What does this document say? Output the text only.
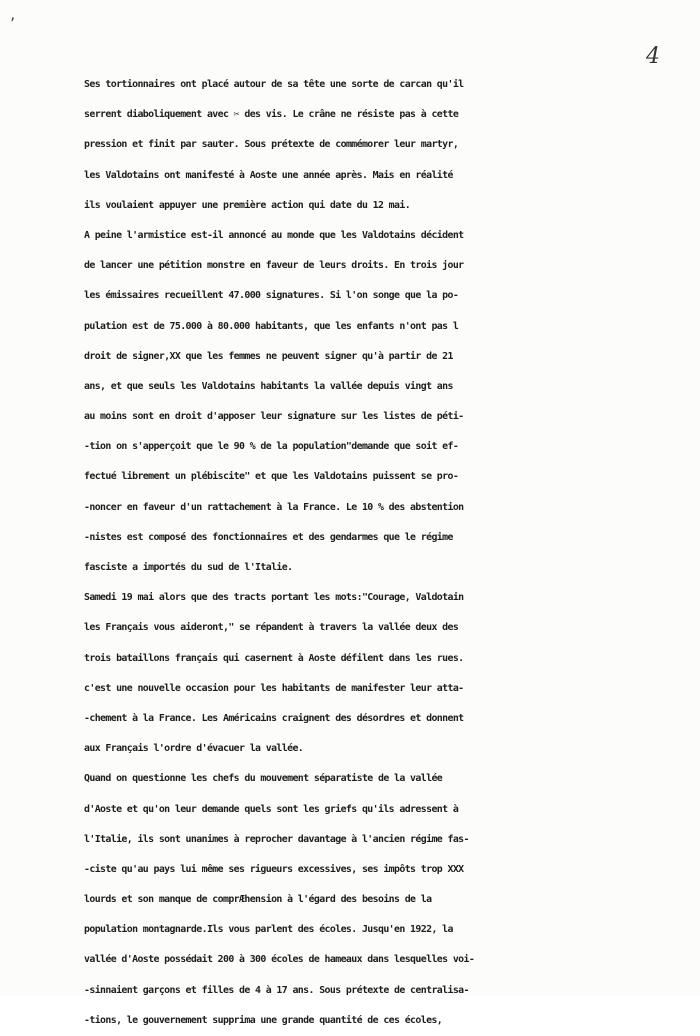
’
4
Ses tortionnaires ont placé autour de sa tête une sorte de carcan qu'il
serrent diaboliquement avec ✂ des vis. Le crâne ne résiste pas à cette
pression et finit par sauter. Sous prétexte de commémorer leur martyr,
les Valdotains ont manifesté à Aoste une année après. Mais en réalité
ils voulaient appuyer une première action qui date du 12 mai.
A peine l'armistice est-il annoncé au monde que les Valdotains décident
de lancer une pétition monstre en faveur de leurs droits. En trois jour
les émissaires recueillent 47.000 signatures. Si l'on songe que la po-
pulation est de 75.000 à 80.000 habitants, que les enfants n'ont pas l
droit de signer,XX que les femmes ne peuvent signer qu'à partir de 21
ans, et que seuls les Valdotains habitants la vallée depuis vingt ans
au moins sont en droit d'apposer leur signature sur les listes de péti-
-tion on s'apperçoit que le 90 % de la population"demande que soit ef-
fectué librement un plébiscite" et que les Valdotains puissent se pro-
-noncer en faveur d'un rattachement à la France. Le 10 % des abstention
-nistes est composé des fonctionnaires et des gendarmes que le régime
fasciste a importés du sud de l'Italie.
Samedi 19 mai alors que des tracts portant les mots:"Courage, Valdotain
les Français vous aideront," se répandent à travers la vallée deux des
trois bataillons français qui casernent à Aoste défilent dans les rues.
c'est une nouvelle occasion pour les habitants de manifester leur atta-
-chement à la France. Les Américains craignent des désordres et donnent
aux Français l'ordre d'évacuer la vallée.
Quand on questionne les chefs du mouvement séparatiste de la vallée
d'Aoste et qu'on leur demande quels sont les griefs qu'ils adressent à
l'Italie, ils sont unanimes à reprocher davantage à l'ancien régime fas-
-ciste qu'au pays lui même ses rigueurs excessives, ses impôts trop XXX
lourds et son manque de comprÆhension à l'égard des besoins de la
population montagnarde.Ils vous parlent des écoles. Jusqu'en 1922, la
vallée d'Aoste possédait 200 à 300 écoles de hameaux dans lesquelles voi-
-sinnaient garçons et filles de 4 à 17 ans. Sous prétexte de centralisa-
-tions, le gouvernement supprima une grande quantité de ces écoles,
